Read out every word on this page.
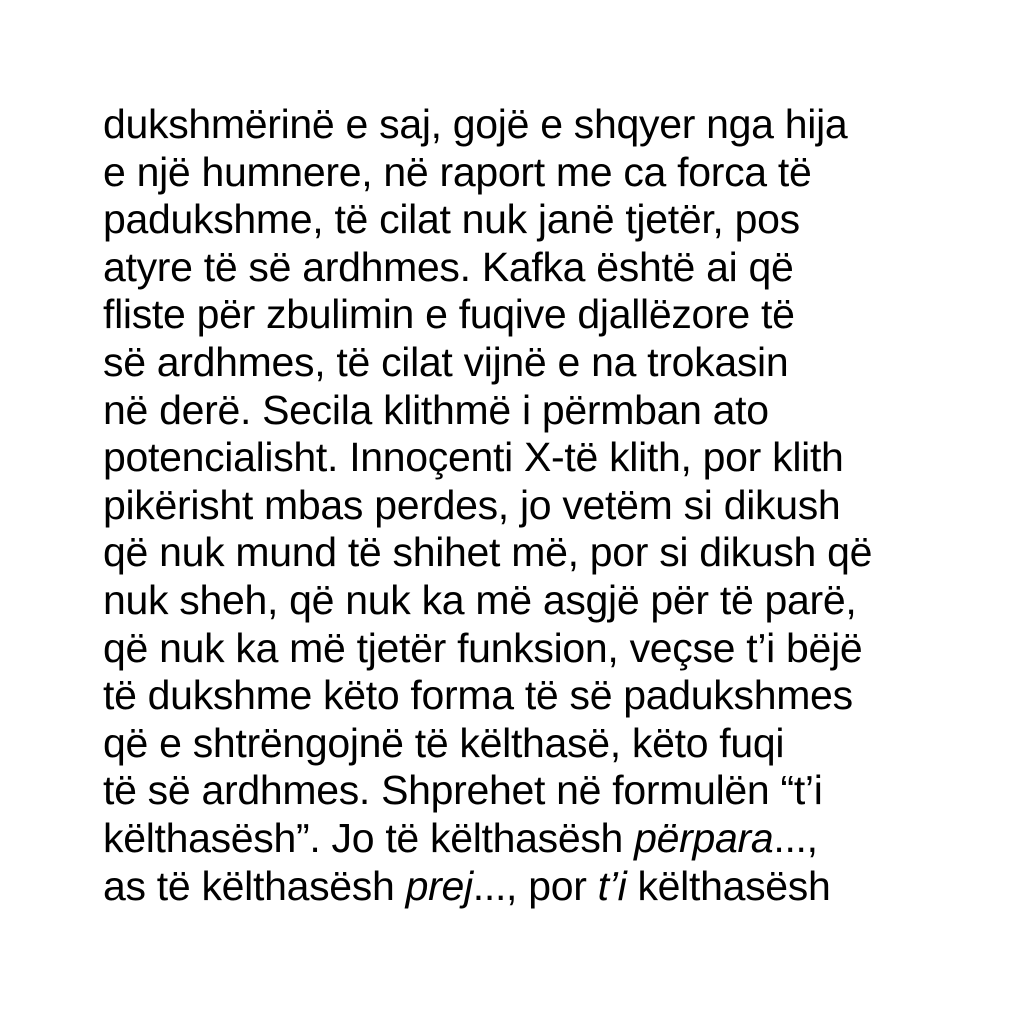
dukshmërinë e saj, gojë e shqyer nga hija
e një humnere, në raport me ca forca të
padukshme, të cilat nuk janë tjetër, pos
atyre të së ardhmes. Kafka është ai që
fliste për zbulimin e fuqive djallëzore të
së ardhmes, të cilat vijnë e na trokasin
në derë. Secila klithmë i përmban ato
potencialisht. Innoçenti X-të klith, por klith
pikërisht mbas perdes, jo vetëm si dikush
që nuk mund të shihet më, por si dikush që
nuk sheh, që nuk ka më asgjë për të parë,
që nuk ka më tjetër funksion, veçse t’i bëjë
të dukshme këto forma të së padukshmes
që e shtrëngojnë të këlthasë, këto fuqi
të së ardhmes. Shprehet në formulën “t’i
këlthasësh”. Jo të këlthasësh përpara...,
as të këlthasësh prej..., por t’i këlthasësh
